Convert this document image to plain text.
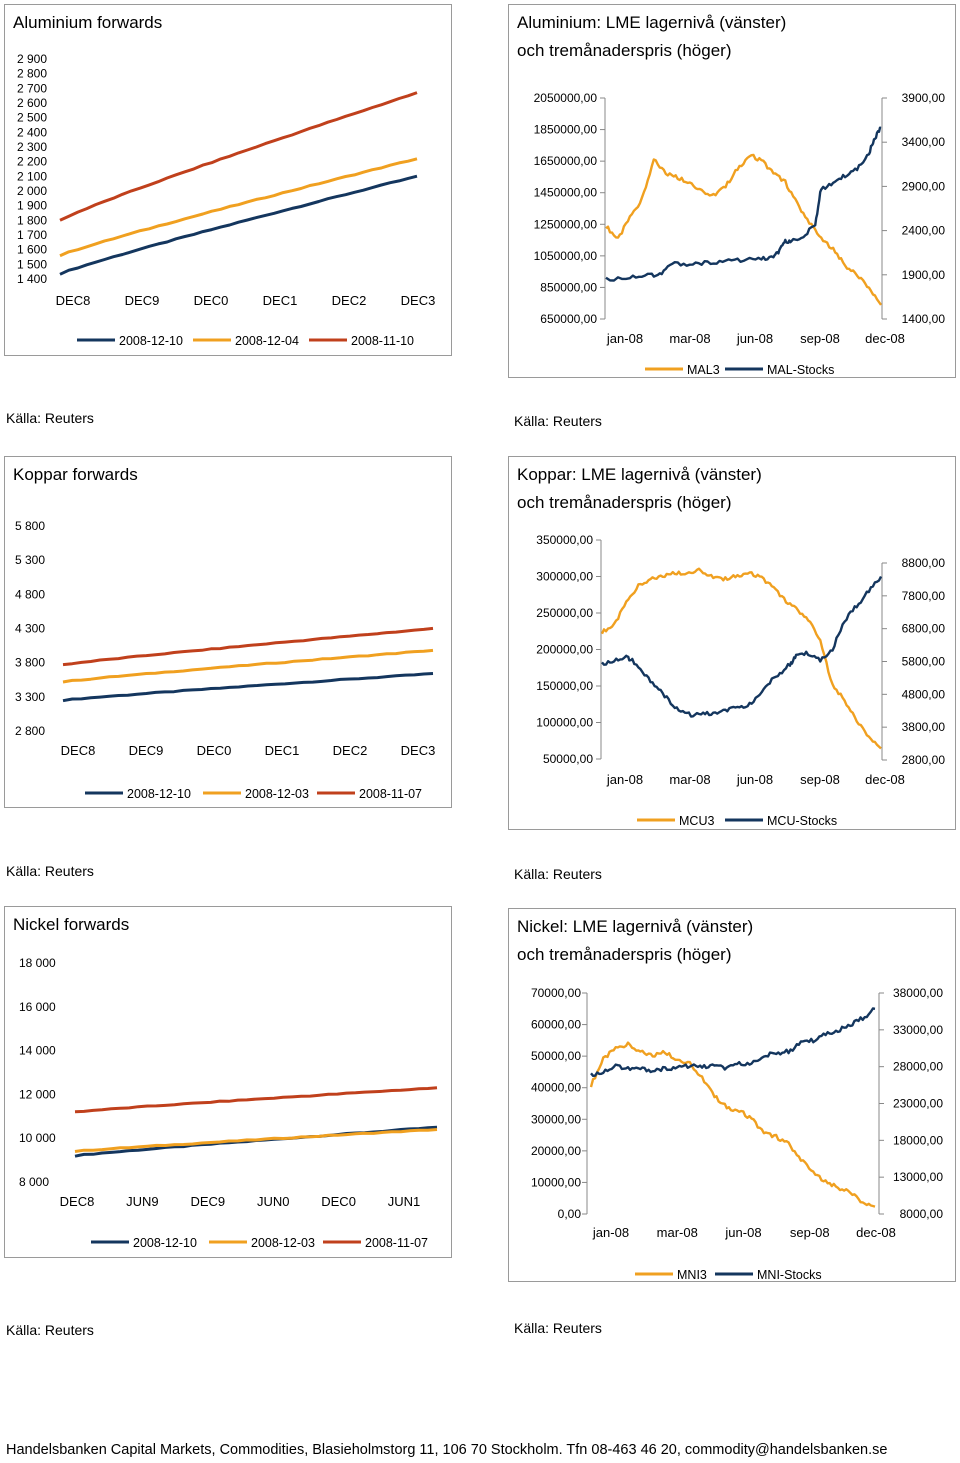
Aluminium forwards
2 900
2 800
2 700
2 600
2 500
2 400
2 300
2 200
2 100
2 000
1 900
1 800
1 700
1 600
1 500
1 400
DEC8	DEC9	DEC0	DEC1	DEC2	DEC3
2008-12-10	2008-12-04	2008-11-10
Aluminium: LME lagernivå (vänster)
och tremånaderspris (höger)
2050000,00
1850000,00
1650000,00
1450000,00
1250000,00
1050000,00
850000,00
650000,00
3900,00
3400,00
2900,00
2400,00
1900,00
1400,00
jan-08 mar-08 jun-08 sep-08 dec-08
MAL3	MAL-Stocks
Källa: Reuters	Källa: Reuters
Koppar forwards
5 800
5 300
4 800
4 300
3 800
3 300
2 800
DEC8	DEC9	DEC0	DEC1	DEC2	DEC3
2008-12-10	2008-12-03	2008-11-07
Koppar: LME lagernivå (vänster)
och tremånaderspris (höger)
350000,00
300000,00
250000,00
200000,00
150000,00
100000,00
50000,00
8800,00
7800,00
6800,00
5800,00
4800,00
3800,00
2800,00
jan-08 mar-08 jun-08 sep-08 dec-08
MCU3	MCU-Stocks
Källa: Reuters	Källa: Reuters
Nickel forwards
18 000
16 000
14 000
12 000
10 000
8 000
DEC8 JUN9 DEC9 JUN0 DEC0 JUN1
2008-12-10	2008-12-03	2008-11-07
Nickel: LME lagernivå (vänster)
och tremånaderspris (höger)
70000,00
60000,00
50000,00
40000,00
30000,00
20000,00
10000,00
0,00
38000,00
33000,00
28000,00
23000,00
18000,00
13000,00
8000,00
jan-08 mar-08 jun-08 sep-08 dec-08
MNI3	MNI-Stocks
Källa: Reuters	Källa: Reuters
Handelsbanken Capital Markets, Commodities, Blasieholmstorg 11, 106 70 Stockholm. Tfn 08-463 46 20, commodity@handelsbanken.se
